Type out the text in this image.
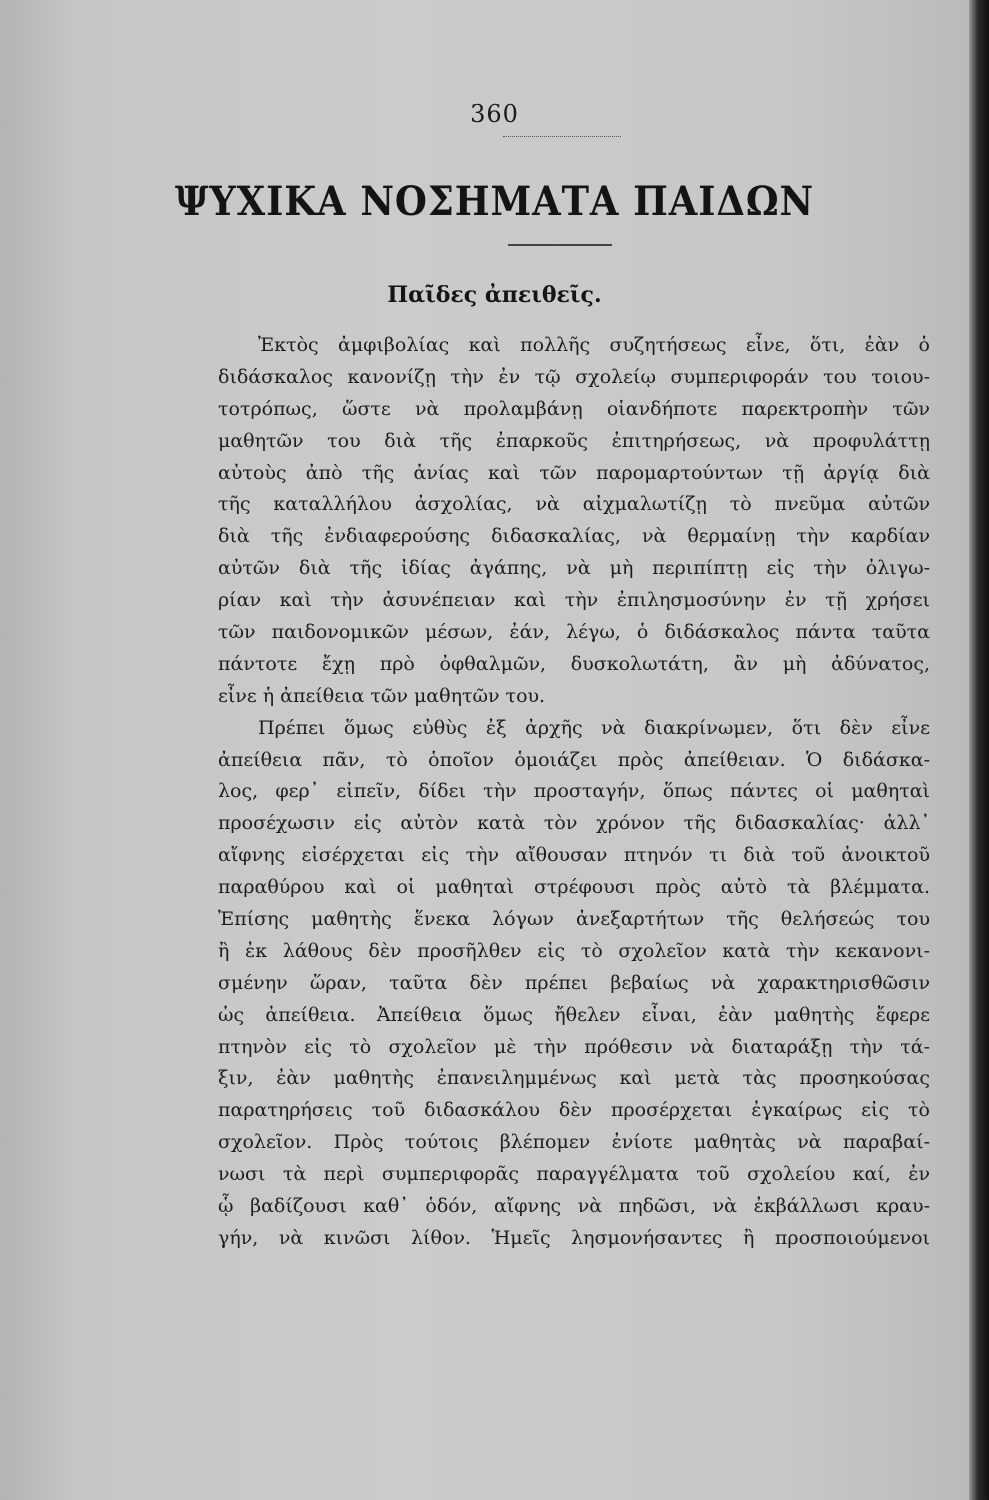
360
ΨΥΧΙΚΑ ΝΟΣΗΜΑΤΑ ΠΑΙΔΩΝ
Παῖδες ἀπειθεῖς.
Ἐκτὸς ἀμφιβολίας καὶ πολλῆς συζητήσεως εἶνε, ὅτι, ἐὰν ὁ
διδάσκαλος κανονίζῃ τὴν ἐν τῷ σχολείῳ συμπεριφοράν του τοιου-
τοτρόπως, ὥστε νὰ προλαμβάνῃ οἱανδήποτε παρεκτροπὴν τῶν
μαθητῶν του διὰ τῆς ἐπαρκοῦς ἐπιτηρήσεως, νὰ προφυλάττῃ
αὐτοὺς ἀπὸ τῆς ἀνίας καὶ τῶν παρομαρτούντων τῇ ἀργίᾳ διὰ
τῆς καταλλήλου ἀσχολίας, νὰ αἰχμαλωτίζῃ τὸ πνεῦμα αὐτῶν
διὰ τῆς ἐνδιαφερούσης διδασκαλίας, νὰ θερμαίνῃ τὴν καρδίαν
αὐτῶν διὰ τῆς ἰδίας ἀγάπης, νὰ μὴ περιπίπτῃ εἰς τὴν ὀλιγω-
ρίαν καὶ τὴν ἀσυνέπειαν καὶ τὴν ἐπιλησμοσύνην ἐν τῇ χρήσει
τῶν παιδονομικῶν μέσων, ἐάν, λέγω, ὁ διδάσκαλος πάντα ταῦτα
πάντοτε ἔχῃ πρὸ ὀφθαλμῶν, δυσκολωτάτη, ἂν μὴ ἀδύνατος,
εἶνε ἡ ἀπείθεια τῶν μαθητῶν του.
Πρέπει ὅμως εὐθὺς ἐξ ἀρχῆς νὰ διακρίνωμεν, ὅτι δὲν εἶνε
ἀπείθεια πᾶν, τὸ ὁποῖον ὁμοιάζει πρὸς ἀπείθειαν. Ὁ διδάσκα-
λος, φερ᾽ εἰπεῖν, δίδει τὴν προσταγήν, ὅπως πάντες οἱ μαθηταὶ
προσέχωσιν εἰς αὐτὸν κατὰ τὸν χρόνον τῆς διδασκαλίας· ἀλλ᾽
αἴφνης εἰσέρχεται εἰς τὴν αἴθουσαν πτηνόν τι διὰ τοῦ ἀνοικτοῦ
παραθύρου καὶ οἱ μαθηταὶ στρέφουσι πρὸς αὐτὸ τὰ βλέμματα.
Ἐπίσης μαθητὴς ἕνεκα λόγων ἀνεξαρτήτων τῆς θελήσεώς του
ἢ ἐκ λάθους δὲν προσῆλθεν εἰς τὸ σχολεῖον κατὰ τὴν κεκανονι-
σμένην ὥραν, ταῦτα δὲν πρέπει βεβαίως νὰ χαρακτηρισθῶσιν
ὡς ἀπείθεια. Ἀπείθεια ὅμως ἤθελεν εἶναι, ἐὰν μαθητὴς ἔφερε
πτηνὸν εἰς τὸ σχολεῖον μὲ τὴν πρόθεσιν νὰ διαταράξῃ τὴν τά-
ξιν, ἐὰν μαθητὴς ἐπανειλημμένως καὶ μετὰ τὰς προσηκούσας
παρατηρήσεις τοῦ διδασκάλου δὲν προσέρχεται ἐγκαίρως εἰς τὸ
σχολεῖον. Πρὸς τούτοις βλέπομεν ἐνίοτε μαθητὰς νὰ παραβαί-
νωσι τὰ περὶ συμπεριφορᾶς παραγγέλματα τοῦ σχολείου καί, ἐν
ᾧ βαδίζουσι καθ᾽ ὁδόν, αἴφνης νὰ πηδῶσι, νὰ ἐκβάλλωσι κραυ-
γήν, νὰ κινῶσι λίθον. Ἡμεῖς λησμονήσαντες ἢ προσποιούμενοι
